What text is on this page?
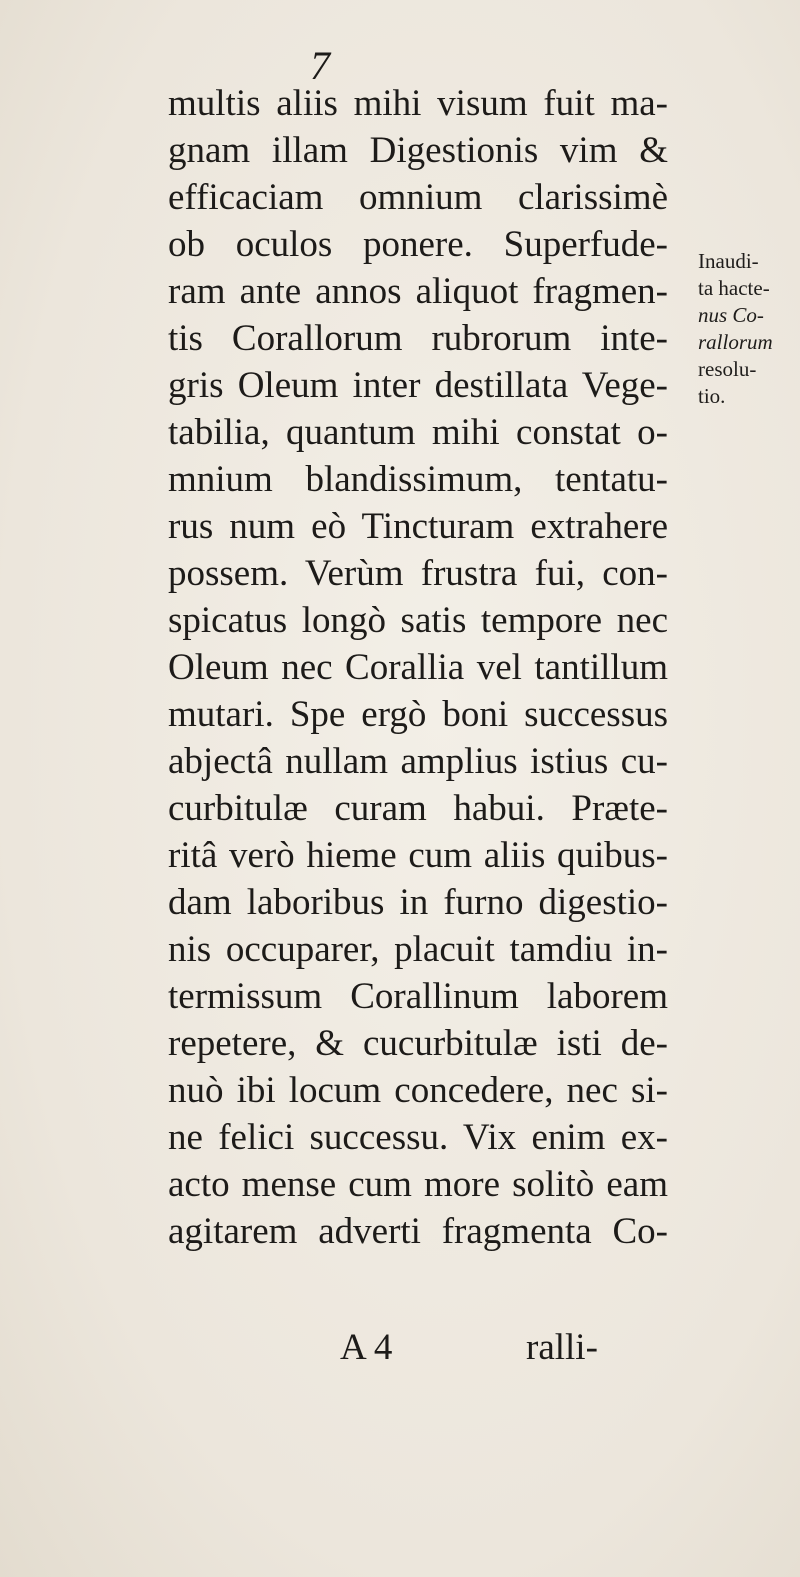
7
multis aliis mihi visum fuit ma-
gnam illam Digestionis vim &
efficaciam omnium clarissimè
ob oculos ponere. Superfude-
ram ante annos aliquot fragmen-
tis Corallorum rubrorum inte-
gris Oleum inter destillata Vege-
tabilia, quantum mihi constat o-
mnium blandissimum, tentatu-
rus num eò Tincturam extrahere
possem. Verùm frustra fui, con-
spicatus longò satis tempore nec
Oleum nec Corallia vel tantillum
mutari. Spe ergò boni successus
abjectâ nullam amplius istius cu-
curbitulæ curam habui. Præte-
ritâ verò hieme cum aliis quibus-
dam laboribus in furno digestio-
nis occuparer, placuit tamdiu in-
termissum Corallinum laborem
repetere, & cucurbitulæ isti de-
nuò ibi locum concedere, nec si-
ne felici successu. Vix enim ex-
acto mense cum more solitò eam
agitarem adverti fragmenta Co-
Inaudi-
ta hacte-
nus Co-
rallorum
resolu-
tio.
A 4	ralli-
